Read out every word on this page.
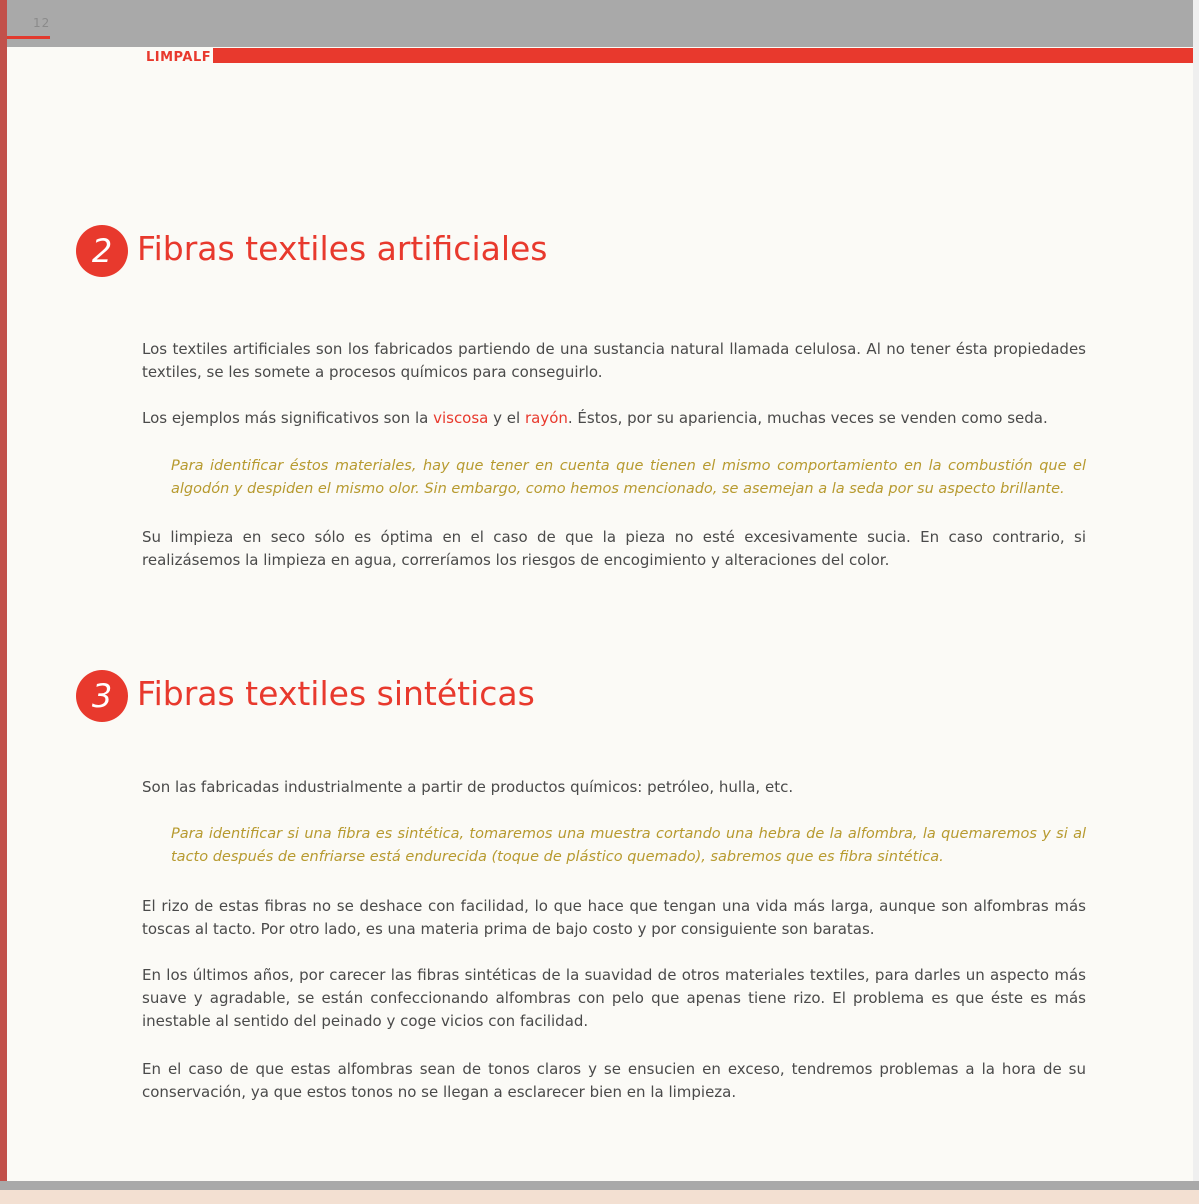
12
LIMPALF
2 Fibras textiles artificiales

Los textiles artificiales son los fabricados partiendo de una sustancia natural llamada celulosa. Al no tener ésta propiedades textiles, se les somete a procesos químicos para conseguirlo.

Los ejemplos más significativos son la viscosa y el rayón. Éstos, por su apariencia, muchas veces se venden como seda.

Para identificar éstos materiales, hay que tener en cuenta que tienen el mismo comportamiento en la combustión que el algodón y despiden el mismo olor. Sin embargo, como hemos mencionado, se asemejan a la seda por su aspecto brillante.

Su limpieza en seco sólo es óptima en el caso de que la pieza no esté excesivamente sucia. En caso contrario, si realizásemos la limpieza en agua, correríamos los riesgos de encogimiento y alteraciones del color.

3 Fibras textiles sintéticas

Son las fabricadas industrialmente a partir de productos químicos: petróleo, hulla, etc.

Para identificar si una fibra es sintética, tomaremos una muestra cortando una hebra de la alfombra, la quemaremos y si al tacto después de enfriarse está endurecida (toque de plástico quemado), sabremos que es fibra sintética.

El rizo de estas fibras no se deshace con facilidad, lo que hace que tengan una vida más larga, aunque son alfombras más toscas al tacto. Por otro lado, es una materia prima de bajo costo y por consiguiente son baratas.

En los últimos años, por carecer las fibras sintéticas de la suavidad de otros materiales textiles, para darles un aspecto más suave y agradable, se están confeccionando alfombras con pelo que apenas tiene rizo. El problema es que éste es más inestable al sentido del peinado y coge vicios con facilidad.

En el caso de que estas alfombras sean de tonos claros y se ensucien en exceso, tendremos problemas a la hora de su conservación, ya que estos tonos no se llegan a esclarecer bien en la limpieza.
